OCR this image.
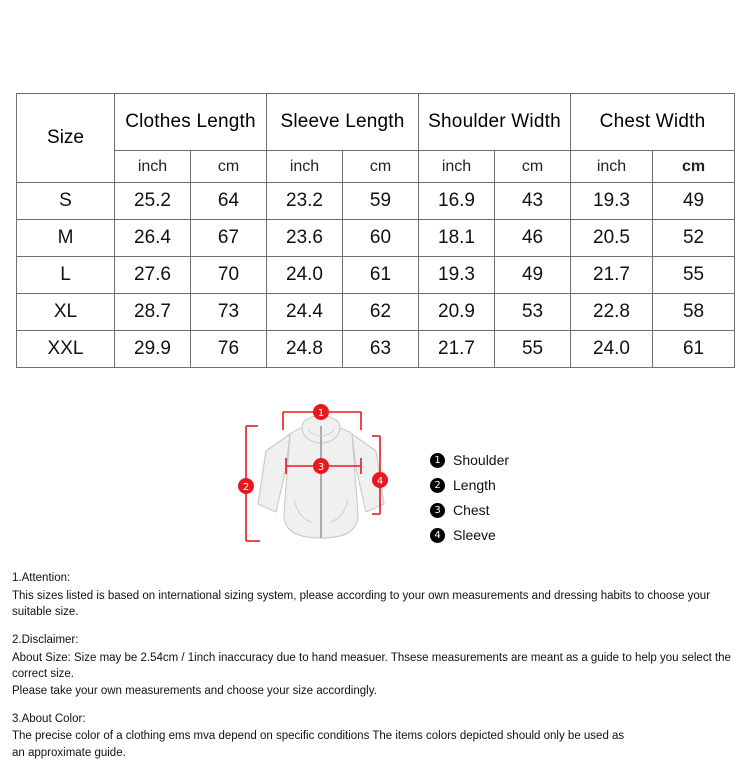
Size	Clothes Length		Sleeve Length		Shoulder Width		Chest Width	
	inch	cm	inch	cm	inch	cm	inch	cm
S	25.2	64	23.2	59	16.9	43	19.3	49
M	26.4	67	23.6	60	18.1	46	20.5	52
L	27.6	70	24.0	61	19.3	49	21.7	55
XL	28.7	73	24.4	62	20.9	53	22.8	58
XXL	29.9	76	24.8	63	21.7	55	24.0	61
1
2
3
4
1 Shoulder
2 Length
3 Chest
4 Sleeve

1.Attention:

This sizes listed is based on international sizing system, please according to your own measurements and dressing habits to choose your suitable size.

2.Disclaimer:

About Size: Size may be 2.54cm / 1inch inaccuracy due to hand measuer. Thsese measurements are meant as a guide to help you select the correct size.

Please take your own measurements and choose your size accordingly.

3.About Color:

The precise color of a clothing ems mva depend on specific conditions The items colors depicted should only be used as

an approximate guide.
